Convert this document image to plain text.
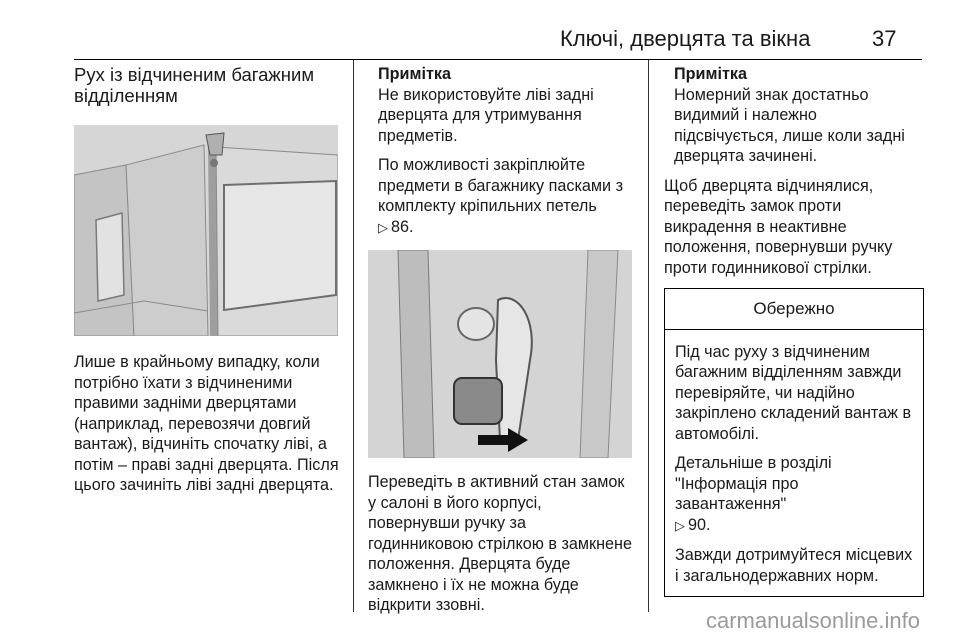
Ключі, дверцята та вікна	37
Рух із відчиненим багажним відділенням

Лише в крайньому випадку, коли потрібно їхати з відчиненими правими задніми дверцятами (наприклад, перевозячи довгий вантаж), відчиніть спочатку ліві, а потім – праві задні дверцята. Після цього зачиніть ліві задні дверцята.

Примітка

Не використовуйте ліві задні дверцята для утримування предметів.

По можливості закріплюйте предмети в багажнику пасками з комплекту кріпильних петель
▷ 86.

Переведіть в активний стан замок у салоні в його корпусі, повернувши ручку за годинниковою стрілкою в замкнене положення. Дверцята буде замкнено і їх не можна буде відкрити ззовні.

Примітка

Номерний знак достатньо видимий і належно підсвічується, лише коли задні дверцята зачинені.

Щоб дверцята відчинялися, переведіть замок проти викрадення в неактивне положення, повернувши ручку проти годинникової стрілки.

Обережно

Під час руху з відчиненим багажним відділенням завжди перевіряйте, чи надійно закріплено складений вантаж в автомобілі.

Детальніше в розділі "Інформація про завантаження"
▷ 90.

Завжди дотримуйтеся місцевих і загальнодержавних норм.

carmanualsonline.info
